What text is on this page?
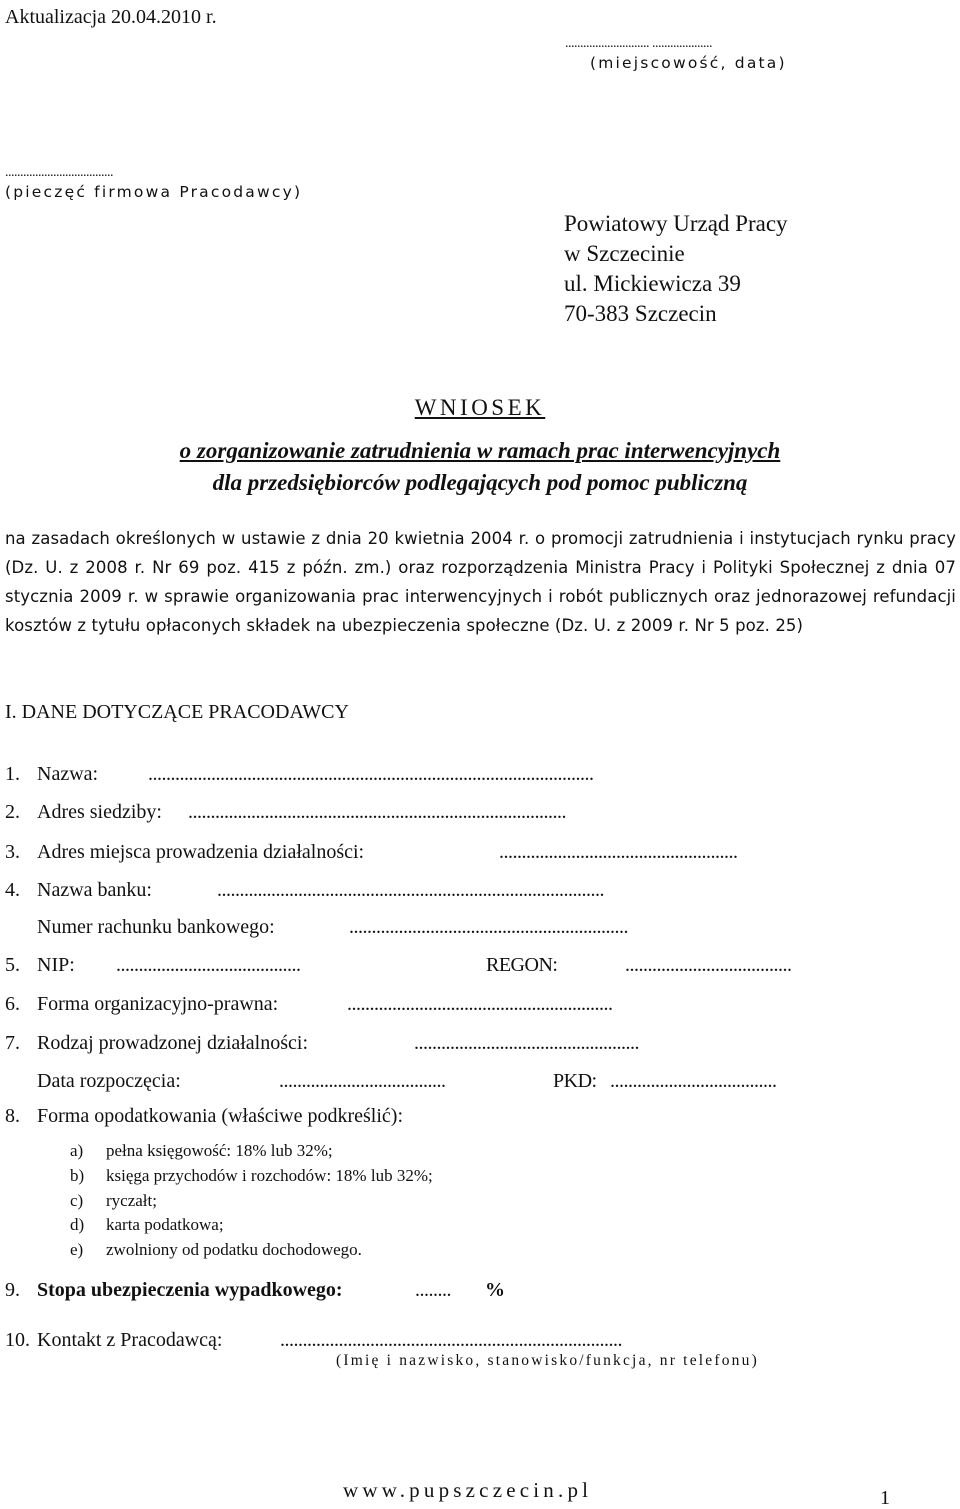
Aktualizacja 20.04.2010 r.
............................ ....................
(miejscowość, data)
....................................
(pieczęć firmowa Pracodawcy)
Powiatowy Urząd Pracy
w Szczecinie
ul. Mickiewicza 39
70-383 Szczecin
WNIOSEK
o zorganizowanie zatrudnienia w ramach prac interwencyjnych
dla przedsiębiorców podlegających pod pomoc publiczną
na zasadach określonych w ustawie z dnia 20 kwietnia 2004 r. o promocji zatrudnienia i instytucjach rynku pracy (Dz. U. z 2008 r. Nr 69 poz. 415 z późn. zm.) oraz rozporządzenia Ministra Pracy i Polityki Społecznej z dnia 07 stycznia 2009 r. w sprawie organizowania prac interwencyjnych i robót publicznych oraz jednorazowej refundacji kosztów z tytułu opłaconych składek na ubezpieczenia społeczne (Dz. U. z 2009 r. Nr 5 poz. 25)
I. DANE DOTYCZĄCE PRACODAWCY
1. Nazwa: ...................................................................................................
2. Adres siedziby: ....................................................................................
3. Adres miejsca prowadzenia działalności:	.....................................................
4. Nazwa banku:	......................................................................................
Numer rachunku bankowego:	..............................................................
5. NIP: .........................................	REGON:	.....................................
6. Forma organizacyjno-prawna:	...........................................................
7. Rodzaj prowadzonej działalności:	..................................................
Data rozpoczęcia:	.....................................	PKD: .....................................
8. Forma opodatkowania (właściwe podkreślić):
a) pełna księgowość: 18% lub 32%;
b) księga przychodów i rozchodów: 18% lub 32%;
c) ryczałt;
d) karta podatkowa;
e) zwolniony od podatku dochodowego.
9. Stopa ubezpieczenia wypadkowego:	........ %
10. Kontakt z Pracodawcą:	............................................................................
(Imię i nazwisko, stanowisko/funkcja, nr telefonu)
www.pupszczecin.pl	1
